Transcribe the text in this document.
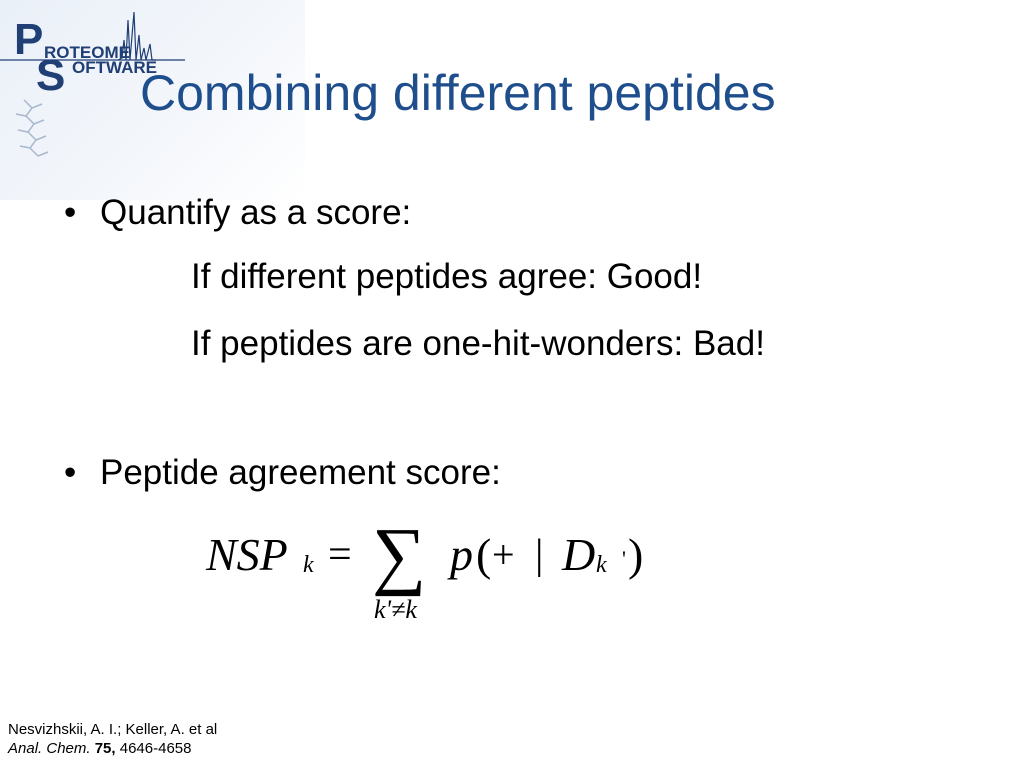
P ROTEOME
S OFTWARE
Combining different peptides
• Quantify as a score:
If different peptides agree: Good!
If peptides are one-hit-wonders: Bad!
• Peptide agreement score:
NSP k = ∑
k'≠k
p ( + | D k ' )
Nesvizhskii, A. I.; Keller, A. et al
Anal. Chem. 75, 4646-4658
